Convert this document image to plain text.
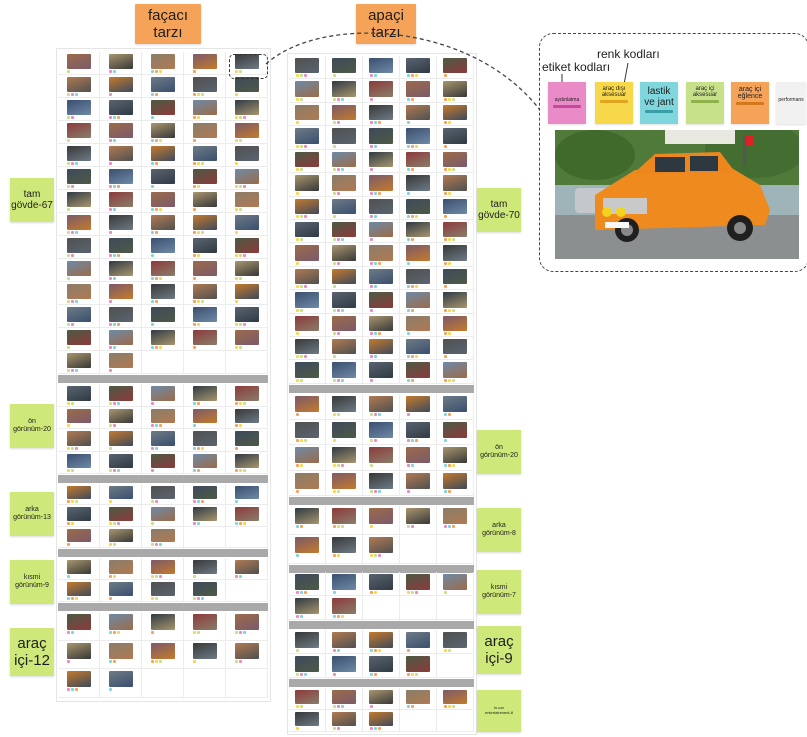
façacı
tarzı
apaçi
tarzı
tam
gövde-67
ön
görünüm-20
arka
görünüm-13
kısmi
görünüm-9
araç
içi-12
tam
gövde-70
ön
görünüm-20
arka
görünüm-8
kısmi
görünüm-7
araç
içi-9
in-car
entertainment-8
renk kodları
etiket kodları
aydınlatma
araç dışı
aksesuar	lastik
ve jant
araç içi
aksesuar
araç içi
eğlence	performans
